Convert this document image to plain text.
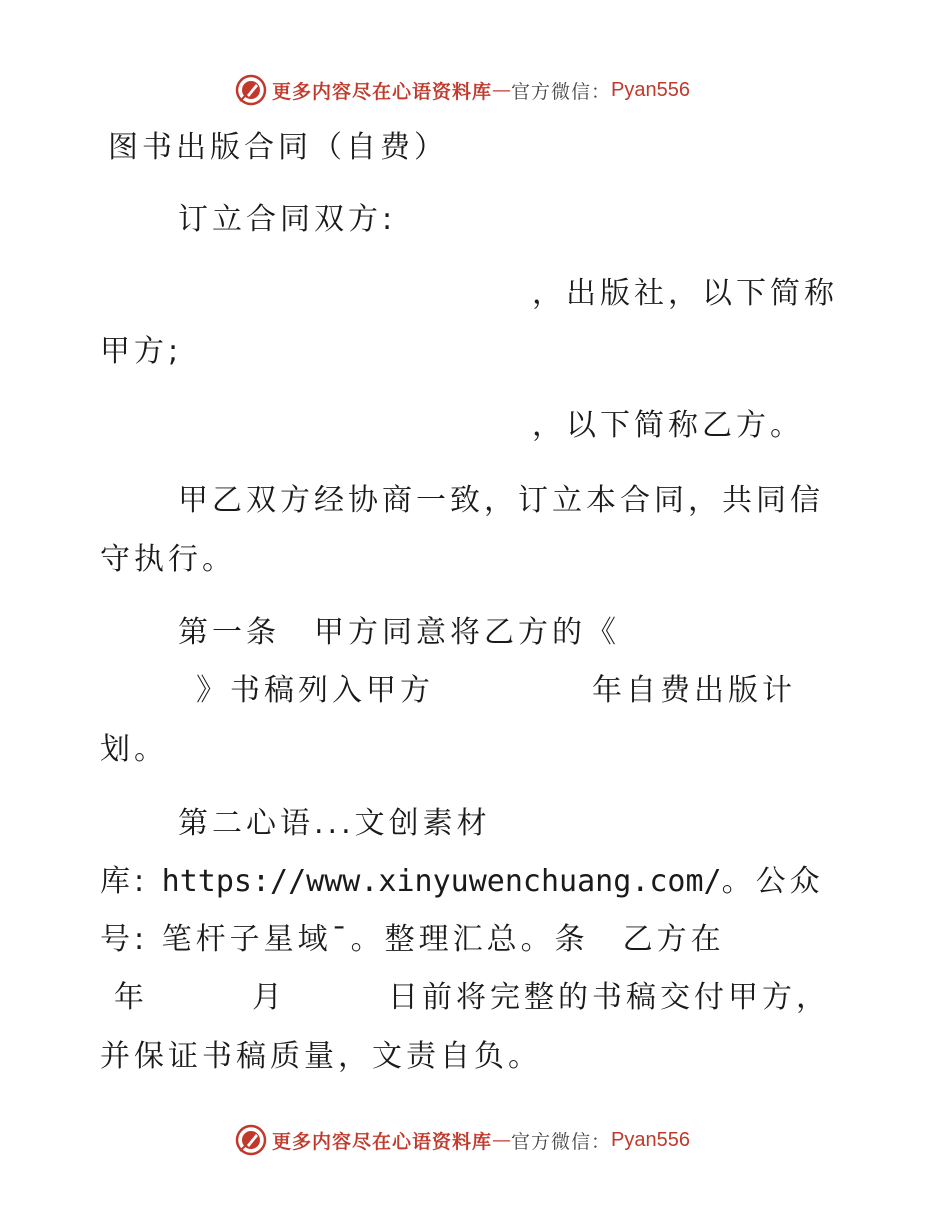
更多内容尽在心语资料库 — 官方微信： Pyan556
图书出版合同（自费）
订立合同双方:
，出版社，以下简称
甲方;
，以下简称乙方。
甲乙双方经协商一致，订立本合同，共同信
守执行。
第一条　甲方同意将乙方的《
》书稿列入甲方	年自费出版计
划。
第二心语...文创素材
库: https://www.xinyuwenchuang.com/。公众
号: 笔杆子星域¯。整理汇总。条　乙方在
年	月	日前将完整的书稿交付甲方，
并保证书稿质量，文责自负。
更多内容尽在心语资料库 — 官方微信： Pyan556
